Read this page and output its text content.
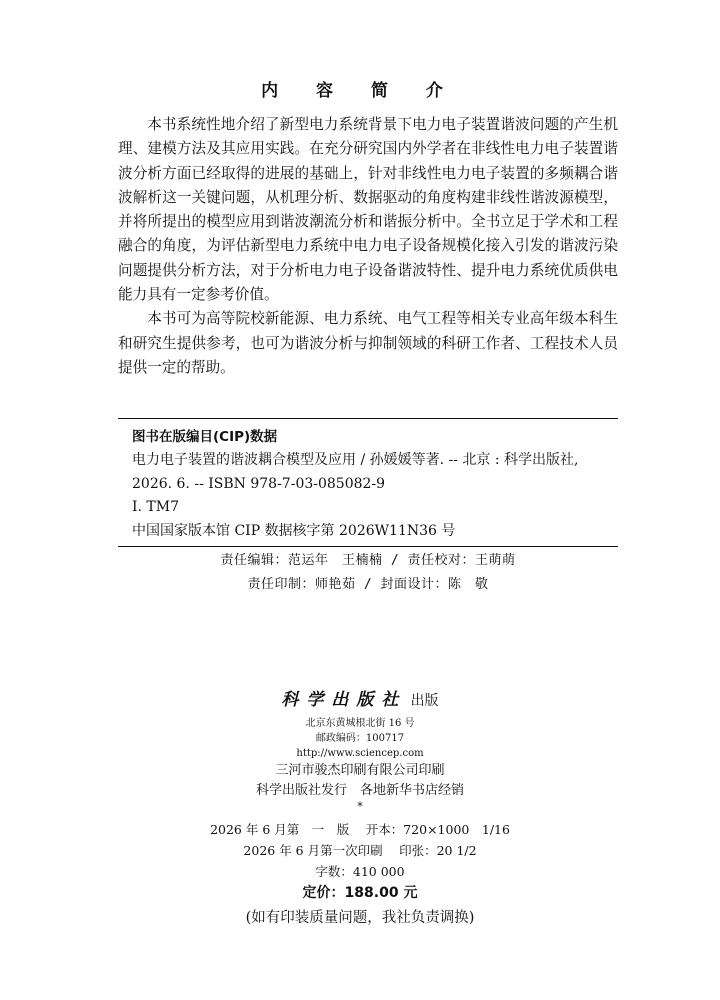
内 容 简 介

本书系统性地介绍了新型电力系统背景下电力电子装置谐波问题的产生机理、建模方法及其应用实践。在充分研究国内外学者在非线性电力电子装置谐波分析方面已经取得的进展的基础上，针对非线性电力电子装置的多频耦合谐波解析这一关键问题，从机理分析、数据驱动的角度构建非线性谐波源模型，并将所提出的模型应用到谐波潮流分析和谐振分析中。全书立足于学术和工程融合的角度，为评估新型电力系统中电力电子设备规模化接入引发的谐波污染问题提供分析方法，对于分析电力电子设备谐波特性、提升电力系统优质供电能力具有一定参考价值。

本书可为高等院校新能源、电力系统、电气工程等相关专业高年级本科生和研究生提供参考，也可为谐波分析与抑制领域的科研工作者、工程技术人员提供一定的帮助。

图书在版编目(CIP)数据
电力电子装置的谐波耦合模型及应用 / 孙媛媛等著. -- 北京 : 科学出版社, 2026. 6. -- ISBN 978-7-03-085082-9
Ⅰ. TM7
中国国家版本馆 CIP 数据核字第 2026W11N36 号
责任编辑：范运年　王楠楠 / 责任校对：王萌萌
责任印制：师艳茹 / 封面设计：陈　敬
科学出版社 出版
北京东黄城根北街 16 号
邮政编码：100717
http://www.sciencep.com
三河市骏杰印刷有限公司印刷
科学出版社发行　各地新华书店经销
*
2026 年 6 月第　一　版　 开本：720×1000　1/16
2026 年 6 月第一次印刷　 印张：20 1/2
字数：410 000
定价：188.00 元
(如有印装质量问题，我社负责调换)
